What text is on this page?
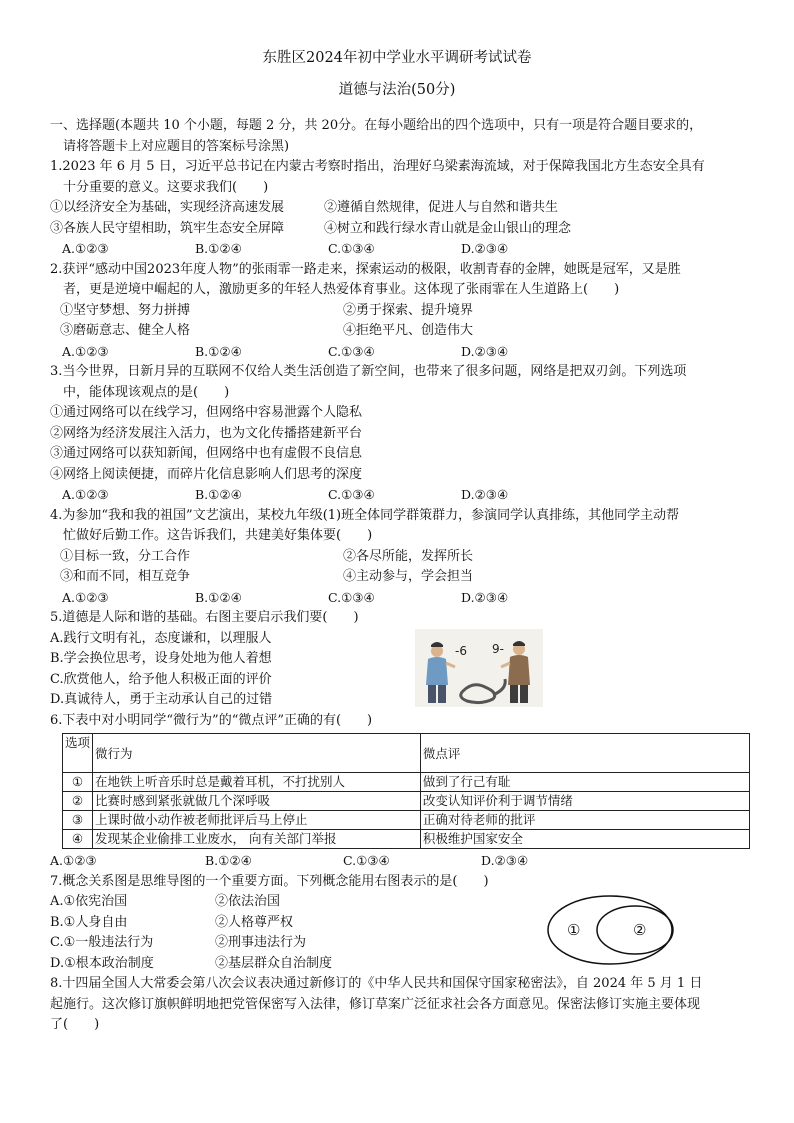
东胜区2024年初中学业水平调研考试试卷
道德与法治(50分)
一、选择题(本题共 10 个小题，每题 2 分，共 20分。在每小题给出的四个选项中，只有一项是符合题目要求的，
请将答题卡上对应题目的答案标号涂黑)
1.2023 年 6 月 5 日，习近平总书记在内蒙古考察时指出，治理好乌梁素海流域，对于保障我国北方生态安全具有
十分重要的意义。这要求我们(　　)
①以经济安全为基础，实现经济高速发展	②遵循自然规律，促进人与自然和谐共生
③各族人民守望相助，筑牢生态安全屏障	④树立和践行绿水青山就是金山银山的理念
A.①②③	B.①②④	C.①③④	D.②③④
2.获评“感动中国2023年度人物”的张雨霏一路走来，探索运动的极限，收割青春的金牌，她既是冠军，又是胜
者，更是逆境中崛起的人，激励更多的年轻人热爱体育事业。这体现了张雨霏在人生道路上(　　)
①坚守梦想、努力拼搏	②勇于探索、提升境界
③磨砺意志、健全人格	④拒绝平凡、创造伟大
A.①②③	B.①②④	C.①③④	D.②③④
3.当今世界，日新月异的互联网不仅给人类生活创造了新空间，也带来了很多问题，网络是把双刃剑。下列选项
中，能体现该观点的是(　　)
①通过网络可以在线学习，但网络中容易泄露个人隐私
②网络为经济发展注入活力，也为文化传播搭建新平台
③通过网络可以获知新闻，但网络中也有虚假不良信息
④网络上阅读便捷，而碎片化信息影响人们思考的深度
A.①②③	B.①②④	C.①③④	D.②③④
4.为参加“我和我的祖国”文艺演出，某校九年级(1)班全体同学群策群力，参演同学认真排练，其他同学主动帮
忙做好后勤工作。这告诉我们，共建美好集体要(　　)
①目标一致，分工合作	②各尽所能，发挥所长
③和而不同，相互竞争	④主动参与，学会担当
A.①②③	B.①②④	C.①③④	D.②③④
5.道德是人际和谐的基础。右图主要启示我们要(　　)
A.践行文明有礼，态度谦和，以理服人
B.学会换位思考，设身处地为他人着想
C.欣赏他人，给予他人积极正面的评价
D.真诚待人，勇于主动承认自己的过错
-6 9-
6.下表中对小明同学“微行为”的“微点评”正确的有(　　)
选项	微行为	微点评
①	在地铁上听音乐时总是戴着耳机，不打扰别人	做到了行己有耻
②	比赛时感到紧张就做几个深呼吸	改变认知评价利于调节情绪
③	上课时做小动作被老师批评后马上停止	正确对待老师的批评
④	发现某企业偷排工业废水， 向有关部门举报	积极维护国家安全
A.①②③	B.①②④	C.①③④	D.②③④
7.概念关系图是思维导图的一个重要方面。下列概念能用右图表示的是(　　)
A.①依宪治国	②依法治国
B.①人身自由	②人格尊严权
C.①一般违法行为	②刑事违法行为
D.①根本政治制度	②基层群众自治制度
①	②
8.十四届全国人大常委会第八次会议表决通过新修订的《中华人民共和国保守国家秘密法》，自 2024 年 5 月 1 日
起施行。这次修订旗帜鲜明地把党管保密写入法律，修订草案广泛征求社会各方面意见。保密法修订实施主要体现
了(　　)
